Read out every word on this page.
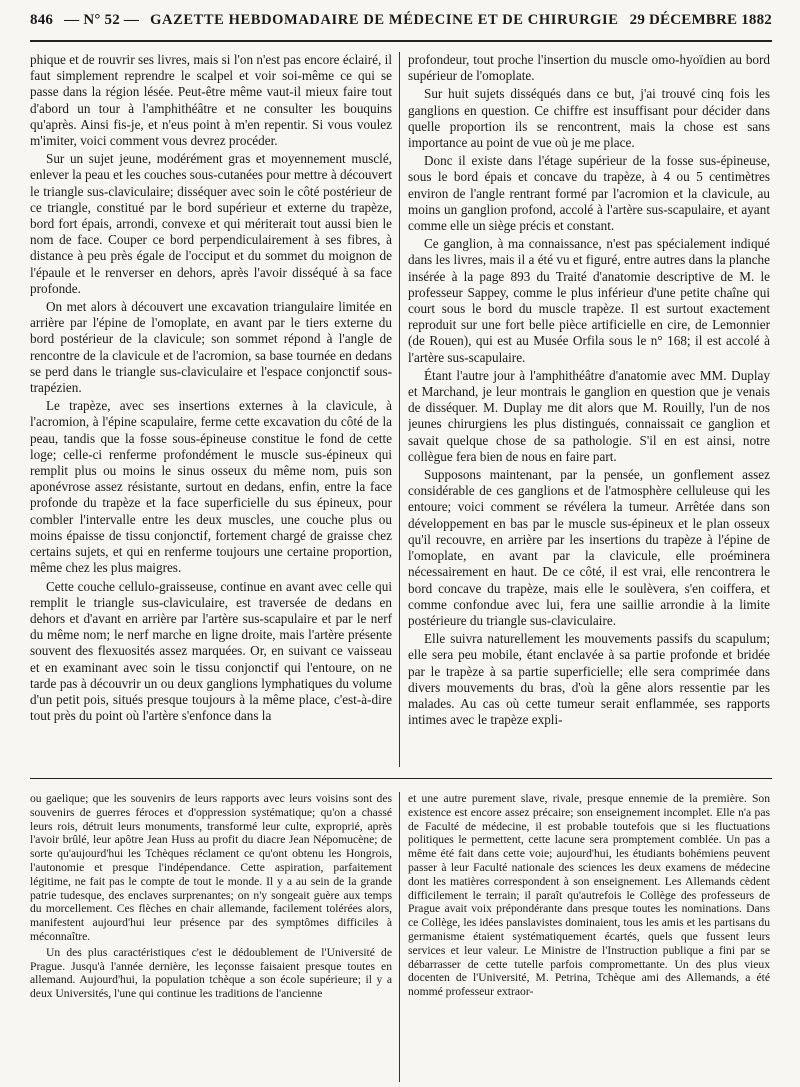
846 — N° 52 — GAZETTE HEBDOMADAIRE DE MÉDECINE ET DE CHIRURGIE 29 DÉCEMBRE 1882

phique et de rouvrir ses livres, mais si l'on n'est pas encore éclairé, il faut simplement reprendre le scalpel et voir soi-même ce qui se passe dans la région lésée. Peut-être même vaut-il mieux faire tout d'abord un tour à l'amphithéâtre et ne consulter les bouquins qu'après. Ainsi fis-je, et n'eus point à m'en repentir. Si vous voulez m'imiter, voici comment vous devrez procéder.

Sur un sujet jeune, modérément gras et moyennement musclé, enlever la peau et les couches sous-cutanées pour mettre à découvert le triangle sus-claviculaire; disséquer avec soin le côté postérieur de ce triangle, constitué par le bord supérieur et externe du trapèze, bord fort épais, arrondi, convexe et qui mériterait tout aussi bien le nom de face. Couper ce bord perpendiculairement à ses fibres, à distance à peu près égale de l'occiput et du sommet du moignon de l'épaule et le renverser en dehors, après l'avoir disséqué à sa face profonde.

On met alors à découvert une excavation triangulaire limitée en arrière par l'épine de l'omoplate, en avant par le tiers externe du bord postérieur de la clavicule; son sommet répond à l'angle de rencontre de la clavicule et de l'acromion, sa base tournée en dedans se perd dans le triangle sus-claviculaire et l'espace conjonctif sous-trapézien.

Le trapèze, avec ses insertions externes à la clavicule, à l'acromion, à l'épine scapulaire, ferme cette excavation du côté de la peau, tandis que la fosse sous-épineuse constitue le fond de cette loge; celle-ci renferme profondément le muscle sus-épineux qui remplit plus ou moins le sinus osseux du même nom, puis son aponévrose assez résistante, surtout en dedans, enfin, entre la face profonde du trapèze et la face superficielle du sus épineux, pour combler l'intervalle entre les deux muscles, une couche plus ou moins épaisse de tissu conjonctif, fortement chargé de graisse chez certains sujets, et qui en renferme toujours une certaine proportion, même chez les plus maigres.

Cette couche cellulo-graisseuse, continue en avant avec celle qui remplit le triangle sus-claviculaire, est traversée de dedans en dehors et d'avant en arrière par l'artère sus-scapulaire et par le nerf du même nom; le nerf marche en ligne droite, mais l'artère présente souvent des flexuosités assez marquées. Or, en suivant ce vaisseau et en examinant avec soin le tissu conjonctif qui l'entoure, on ne tarde pas à découvrir un ou deux ganglions lymphatiques du volume d'un petit pois, situés presque toujours à la même place, c'est-à-dire tout près du point où l'artère s'enfonce dans la

profondeur, tout proche l'insertion du muscle omo-hyoïdien au bord supérieur de l'omoplate.

Sur huit sujets disséqués dans ce but, j'ai trouvé cinq fois les ganglions en question. Ce chiffre est insuffisant pour décider dans quelle proportion ils se rencontrent, mais la chose est sans importance au point de vue où je me place.

Donc il existe dans l'étage supérieur de la fosse sus-épineuse, sous le bord épais et concave du trapèze, à 4 ou 5 centimètres environ de l'angle rentrant formé par l'acromion et la clavicule, au moins un ganglion profond, accolé à l'artère sus-scapulaire, et ayant comme elle un siège précis et constant.

Ce ganglion, à ma connaissance, n'est pas spécialement indiqué dans les livres, mais il a été vu et figuré, entre autres dans la planche insérée à la page 893 du Traité d'anatomie descriptive de M. le professeur Sappey, comme le plus inférieur d'une petite chaîne qui court sous le bord du muscle trapèze. Il est surtout exactement reproduit sur une fort belle pièce artificielle en cire, de Lemonnier (de Rouen), qui est au Musée Orfila sous le n° 168; il est accolé à l'artère sus-scapulaire.

Étant l'autre jour à l'amphithéâtre d'anatomie avec MM. Duplay et Marchand, je leur montrais le ganglion en question que je venais de disséquer. M. Duplay me dit alors que M. Rouilly, l'un de nos jeunes chirurgiens les plus distingués, connaissait ce ganglion et savait quelque chose de sa pathologie. S'il en est ainsi, notre collègue fera bien de nous en faire part.

Supposons maintenant, par la pensée, un gonflement assez considérable de ces ganglions et de l'atmosphère celluleuse qui les entoure; voici comment se révélera la tumeur. Arrêtée dans son développement en bas par le muscle sus-épineux et le plan osseux qu'il recouvre, en arrière par les insertions du trapèze à l'épine de l'omoplate, en avant par la clavicule, elle proéminera nécessairement en haut. De ce côté, il est vrai, elle rencontrera le bord concave du trapèze, mais elle le soulèvera, s'en coiffera, et comme confondue avec lui, fera une saillie arrondie à la limite postérieure du triangle sus-claviculaire.

Elle suivra naturellement les mouvements passifs du scapulum; elle sera peu mobile, étant enclavée à sa partie profonde et bridée par le trapèze à sa partie superficielle; elle sera comprimée dans divers mouvements du bras, d'où la gêne alors ressentie par les malades. Au cas où cette tumeur serait enflammée, ses rapports intimes avec le trapèze expli-

ou gaelique; que les souvenirs de leurs rapports avec leurs voisins sont des souvenirs de guerres féroces et d'oppression systématique; qu'on a chassé leurs rois, détruit leurs monuments, transformé leur culte, exproprié, après l'avoir brûlé, leur apôtre Jean Huss au profit du diacre Jean Népomucène; de sorte qu'aujourd'hui les Tchèques réclament ce qu'ont obtenu les Hongrois, l'autonomie et presque l'indépendance. Cette aspiration, parfaitement légitime, ne fait pas le compte de tout le monde. Il y a au sein de la grande patrie tudesque, des enclaves surprenantes; on n'y songeait guère aux temps du morcellement. Ces flèches en chair allemande, facilement tolérées alors, manifestent aujourd'hui leur présence par des symptômes difficiles à méconnaître.

Un des plus caractéristiques c'est le dédoublement de l'Université de Prague. Jusqu'à l'année dernière, les leçonsse faisaient presque toutes en allemand. Aujourd'hui, la population tchèque a son école supérieure; il y a deux Universités, l'une qui continue les traditions de l'ancienne

et une autre purement slave, rivale, presque ennemie de la première. Son existence est encore assez précaire; son enseignement incomplet. Elle n'a pas de Faculté de médecine, il est probable toutefois que si les fluctuations politiques le permettent, cette lacune sera promptement comblée. Un pas a même été fait dans cette voie; aujourd'hui, les étudiants bohémiens peuvent passer à leur Faculté nationale des sciences les deux examens de médecine dont les matières correspondent à son enseignement. Les Allemands cèdent difficilement le terrain; il paraît qu'autrefois le Collège des professeurs de Prague avait voix prépondérante dans presque toutes les nominations. Dans ce Collège, les idées panslavistes dominaient, tous les amis et les partisans du germanisme étaient systématiquement écartés, quels que fussent leurs services et leur valeur. Le Ministre de l'Instruction publique a fini par se débarrasser de cette tutelle parfois compromettante. Un des plus vieux docenten de l'Université, M. Petrina, Tchèque ami des Allemands, a été nommé professeur extraor-
